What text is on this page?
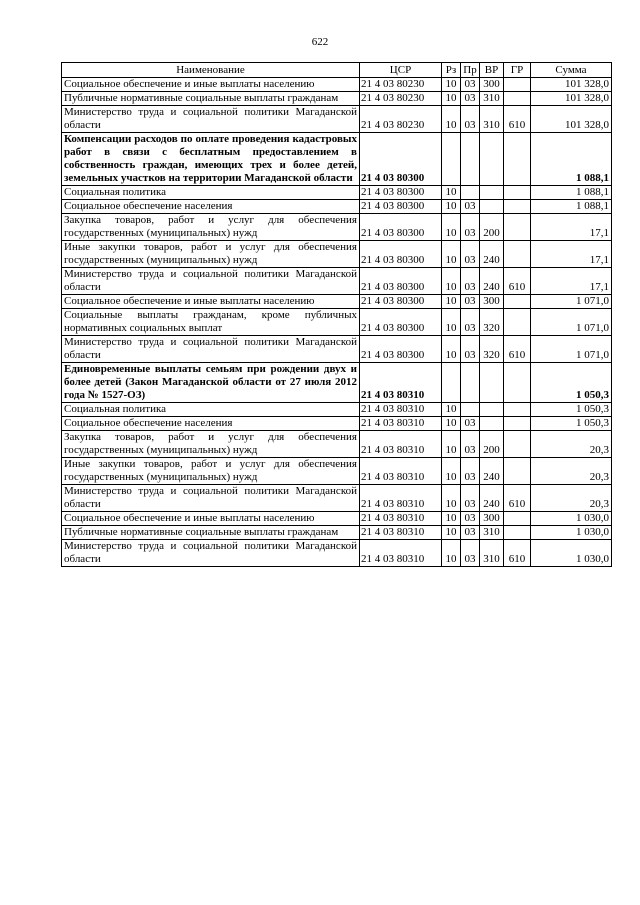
622
Наименование	ЦСР	Рз	Пр	ВР	ГР	Сумма
Социальное обеспечение и иные выплаты населению	21 4 03 80230	10	03	300		101 328,0
Публичные нормативные социальные выплаты гражданам	21 4 03 80230	10	03	310		101 328,0
Министерство труда и социальной политики Магаданской области	21 4 03 80230	10	03	310	610	101 328,0
Компенсации расходов по оплате проведения кадастровых работ в связи с бесплатным предоставлением в собственность граждан, имеющих трех и более детей, земельных участков на территории Магаданской области	21 4 03 80300					1 088,1
Социальная политика	21 4 03 80300	10				1 088,1
Социальное обеспечение населения	21 4 03 80300	10	03			1 088,1
Закупка товаров, работ и услуг для обеспечения государственных (муниципальных) нужд	21 4 03 80300	10	03	200		17,1
Иные закупки товаров, работ и услуг для обеспечения государственных (муниципальных) нужд	21 4 03 80300	10	03	240		17,1
Министерство труда и социальной политики Магаданской области	21 4 03 80300	10	03	240	610	17,1
Социальное обеспечение и иные выплаты населению	21 4 03 80300	10	03	300		1 071,0
Социальные выплаты гражданам, кроме публичных нормативных социальных выплат	21 4 03 80300	10	03	320		1 071,0
Министерство труда и социальной политики Магаданской области	21 4 03 80300	10	03	320	610	1 071,0
Единовременные выплаты семьям при рождении двух и более детей (Закон Магаданской области от 27 июля 2012 года № 1527-ОЗ)	21 4 03 80310					1 050,3
Социальная политика	21 4 03 80310	10				1 050,3
Социальное обеспечение населения	21 4 03 80310	10	03			1 050,3
Закупка товаров, работ и услуг для обеспечения государственных (муниципальных) нужд	21 4 03 80310	10	03	200		20,3
Иные закупки товаров, работ и услуг для обеспечения государственных (муниципальных) нужд	21 4 03 80310	10	03	240		20,3
Министерство труда и социальной политики Магаданской области	21 4 03 80310	10	03	240	610	20,3
Социальное обеспечение и иные выплаты населению	21 4 03 80310	10	03	300		1 030,0
Публичные нормативные социальные выплаты гражданам	21 4 03 80310	10	03	310		1 030,0
Министерство труда и социальной политики Магаданской области	21 4 03 80310	10	03	310	610	1 030,0
